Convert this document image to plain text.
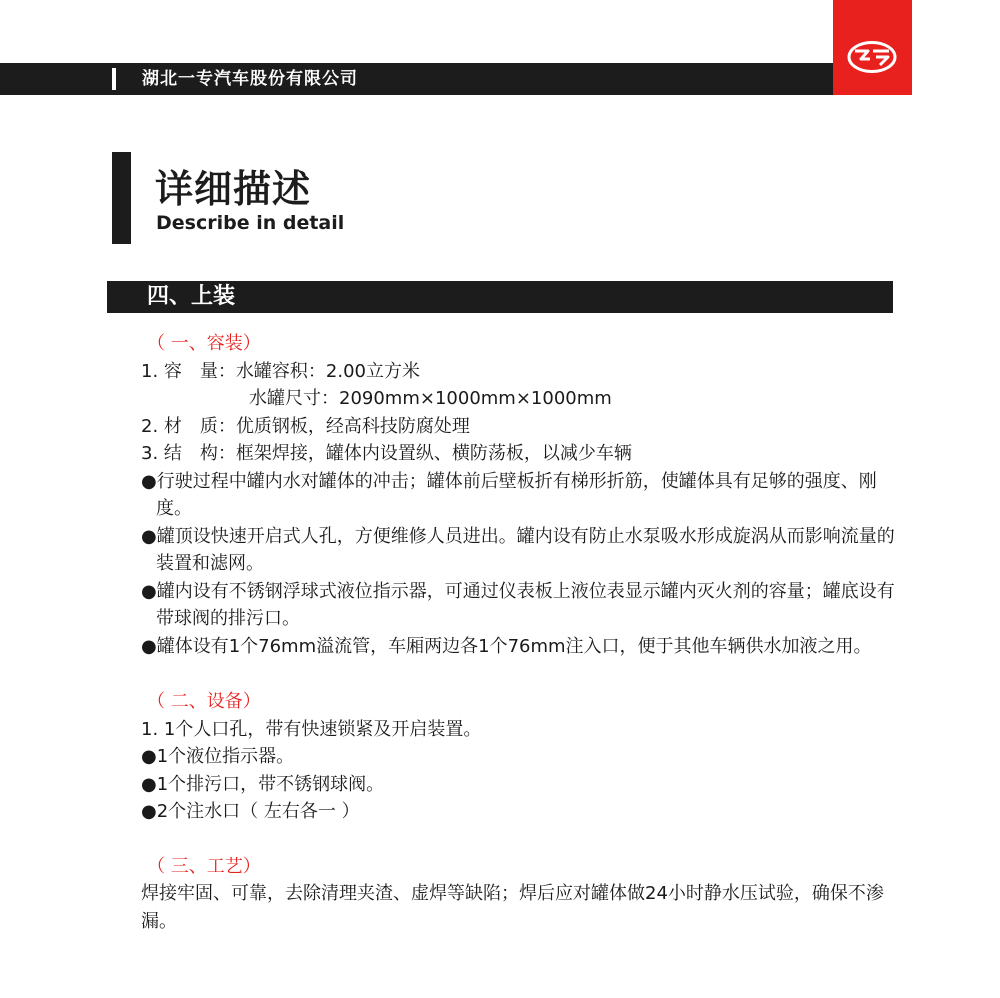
湖北一专汽车股份有限公司
详细描述
Describe in detail
四、上装
（ 一、容装）
1. 容　量：水罐容积：2.00立方米
水罐尺寸：2090mm×1000mm×1000mm
2. 材　质：优质钢板，经高科技防腐处理
3. 结　构：框架焊接，罐体内设置纵、横防荡板，以减少车辆
●行驶过程中罐内水对罐体的冲击；罐体前后壁板折有梯形折筋，使罐体具有足够的强度、刚度。
●罐顶设快速开启式人孔，方便维修人员进出。罐内设有防止水泵吸水形成旋涡从而影响流量的装置和滤网。
●罐内设有不锈钢浮球式液位指示器，可通过仪表板上液位表显示罐内灭火剂的容量；罐底设有带球阀的排污口。
●罐体设有1个76mm溢流管，车厢两边各1个76mm注入口，便于其他车辆供水加液之用。
（ 二、设备）
1. 1个人口孔，带有快速锁紧及开启装置。
●1个液位指示器。
●1个排污口，带不锈钢球阀。
●2个注水口（ 左右各一 ）
（ 三、工艺）
焊接牢固、可靠，去除清理夹渣、虚焊等缺陷；焊后应对罐体做24小时静水压试验，确保不渗漏。
